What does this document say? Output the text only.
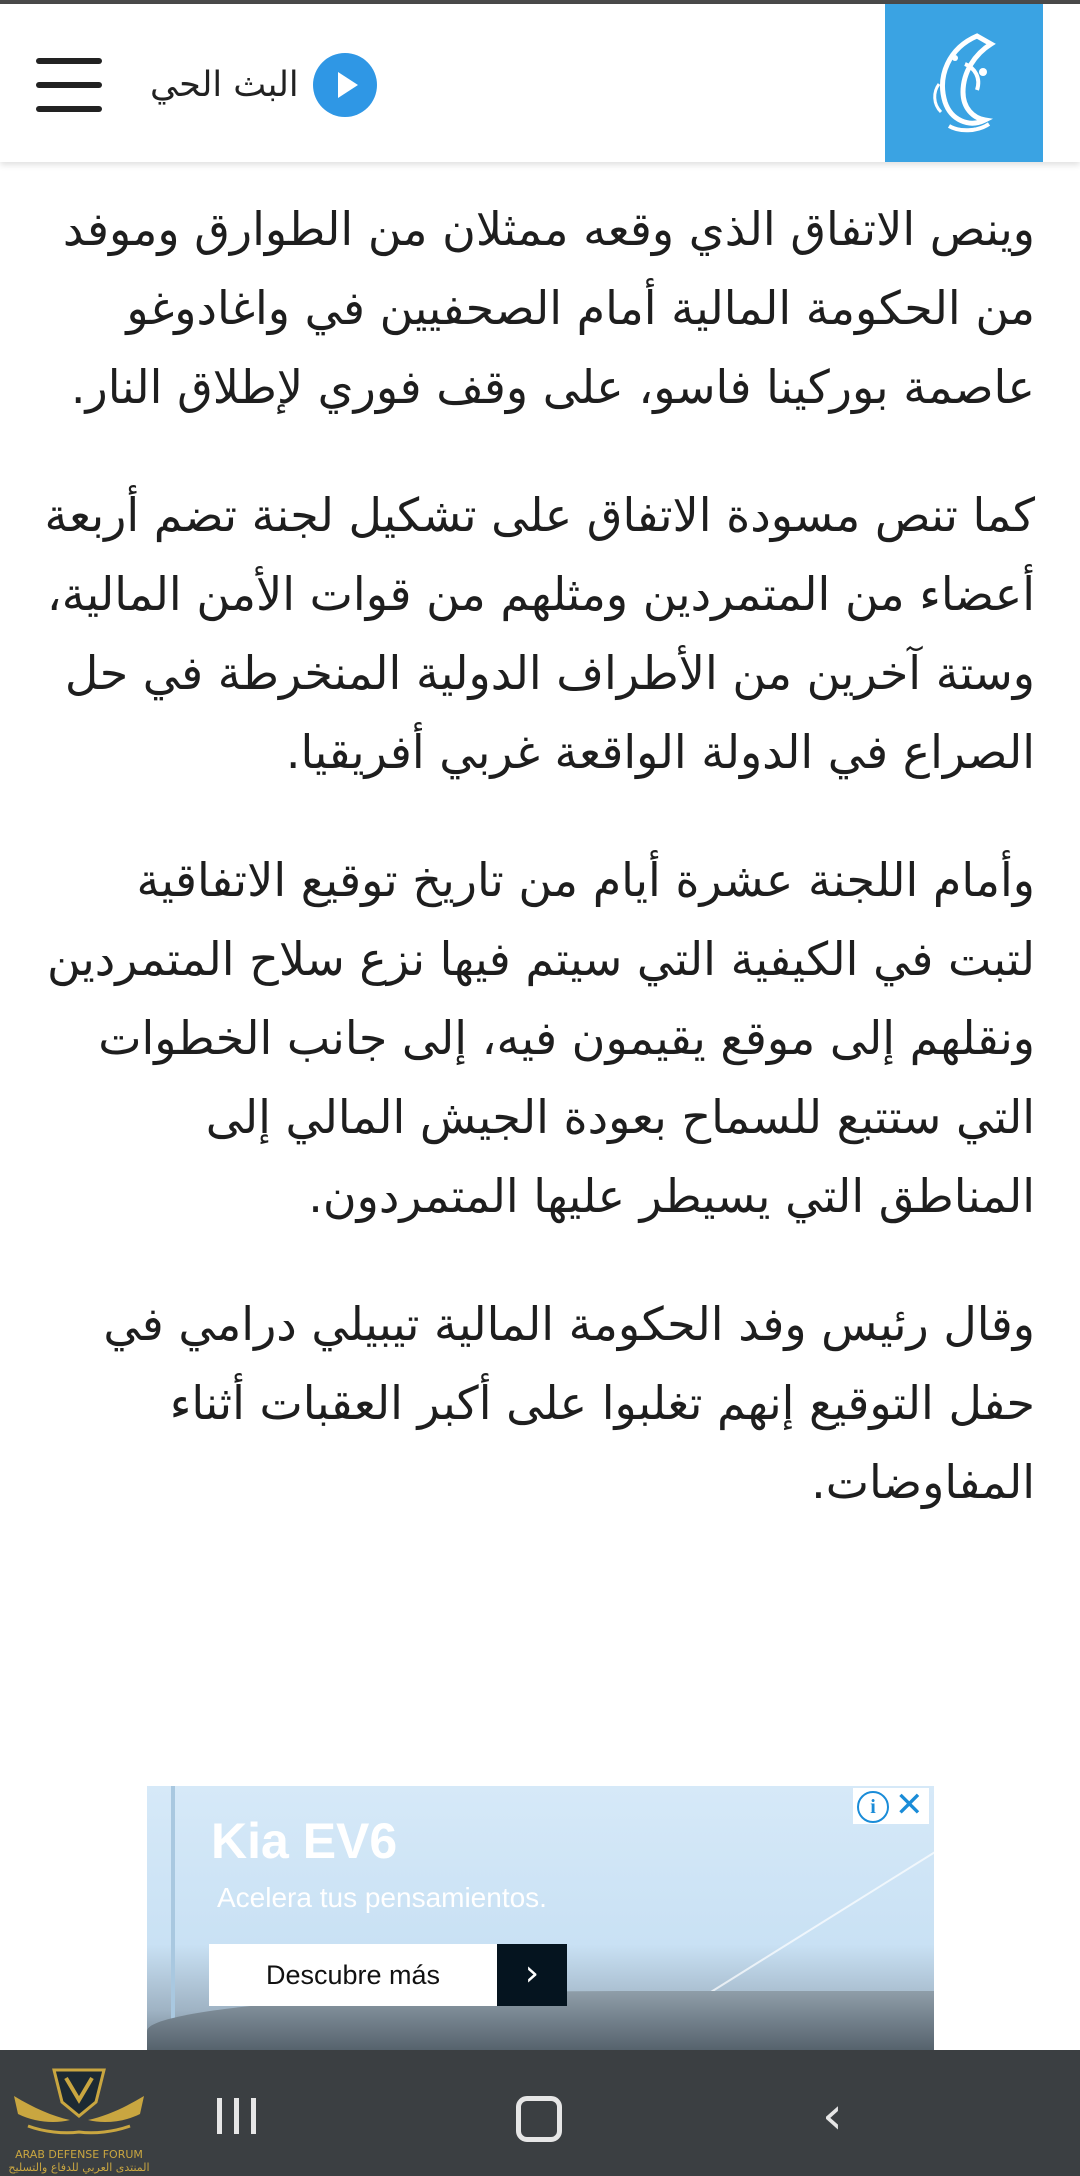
البث الحي

وينص الاتفاق الذي وقعه ممثلان من الطوارق وموفد من الحكومة المالية أمام الصحفيين في واغادوغو عاصمة بوركينا فاسو، على وقف فوري لإطلاق النار.

كما تنص مسودة الاتفاق على تشكيل لجنة تضم أربعة أعضاء من المتمردين ومثلهم من قوات الأمن المالية، وستة آخرين من الأطراف الدولية المنخرطة في حل الصراع في الدولة الواقعة غربي أفريقيا.

وأمام اللجنة عشرة أيام من تاريخ توقيع الاتفاقية لتبت في الكيفية التي سيتم فيها نزع سلاح المتمردين ونقلهم إلى موقع يقيمون فيه، إلى جانب الخطوات التي ستتبع للسماح بعودة الجيش المالي إلى المناطق التي يسيطر عليها المتمردون.

وقال رئيس وفد الحكومة المالية تيبيلي درامي في حفل التوقيع إنهم تغلبوا على أكبر العقبات أثناء المفاوضات.

Kia EV6
Acelera tus pensamientos.
Descubre más	›
i ✕
‹
ARAB DEFENSE FORUM
المنتدى العربي للدفاع والتسليح
